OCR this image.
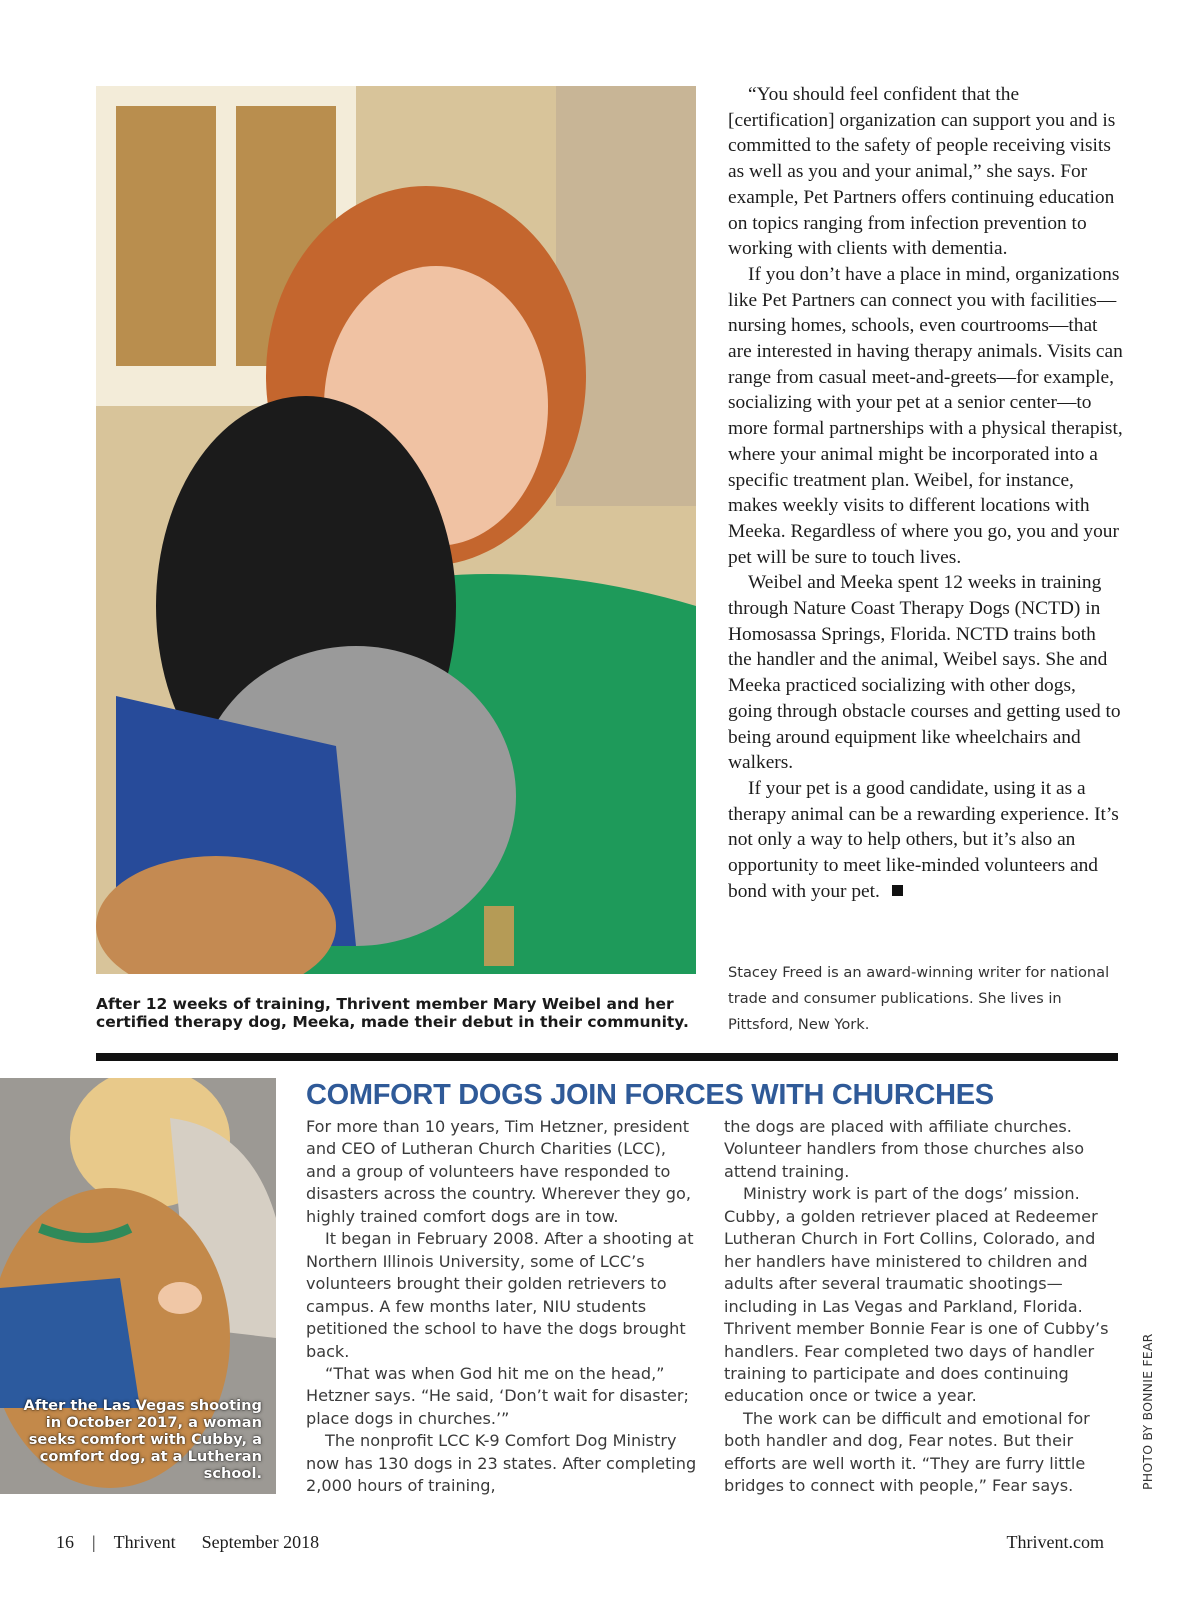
After 12 weeks of training, Thrivent member Mary Weibel and her certified therapy dog, Meeka, made their debut in their community.

“You should feel confident that the [certification] organization can support you and is committed to the safety of people receiving visits as well as you and your animal,” she says. For example, Pet Partners offers continuing education on topics ranging from infection prevention to working with clients with dementia.

If you don’t have a place in mind, organizations like Pet Partners can connect you with facilities—nursing homes, schools, even courtrooms—that are interested in having therapy animals. Visits can range from casual meet-and-greets—for example, socializing with your pet at a senior center—to more formal partnerships with a physical therapist, where your animal might be incorporated into a specific treatment plan. Weibel, for instance, makes weekly visits to different locations with Meeka. Regardless of where you go, you and your pet will be sure to touch lives.

Weibel and Meeka spent 12 weeks in training through Nature Coast Therapy Dogs (NCTD) in Homosassa Springs, Florida. NCTD trains both the handler and the animal, Weibel says. She and Meeka practiced socializing with other dogs, going through obstacle courses and getting used to being around equipment like wheelchairs and walkers.

If your pet is a good candidate, using it as a therapy animal can be a rewarding experience. It’s not only a way to help others, but it’s also an opportunity to meet like-minded volunteers and bond with your pet.

Stacey Freed is an award-winning writer for national trade and consumer publications. She lives in Pittsford, New York.
After the Las Vegas shooting in October 2017, a woman seeks comfort with Cubby, a comfort dog, at a Lutheran school.
COMFORT DOGS JOIN FORCES WITH CHURCHES

For more than 10 years, Tim Hetzner, president and CEO of Lutheran Church Charities (LCC), and a group of volunteers have responded to disasters across the country. Wherever they go, highly trained comfort dogs are in tow.

It began in February 2008. After a shooting at Northern Illinois University, some of LCC’s volunteers brought their golden retrievers to campus. A few months later, NIU students petitioned the school to have the dogs brought back.

“That was when God hit me on the head,” Hetzner says. “He said, ‘Don’t wait for disaster; place dogs in churches.’”

The nonprofit LCC K-9 Comfort Dog Ministry now has 130 dogs in 23 states. After completing 2,000 hours of training,

the dogs are placed with affiliate churches. Volunteer handlers from those churches also attend training.

Ministry work is part of the dogs’ mission. Cubby, a golden retriever placed at Redeemer Lutheran Church in Fort Collins, Colorado, and her handlers have ministered to children and adults after several traumatic shootings—including in Las Vegas and Parkland, Florida. Thrivent member Bonnie Fear is one of Cubby’s handlers. Fear completed two days of handler training to participate and does continuing education once or twice a year.

The work can be difficult and emotional for both handler and dog, Fear notes. But their efforts are well worth it. “They are furry little bridges to connect with people,” Fear says.	PHOTO BY BONNIE FEAR
16 | Thrivent September 2018	Thrivent.com
